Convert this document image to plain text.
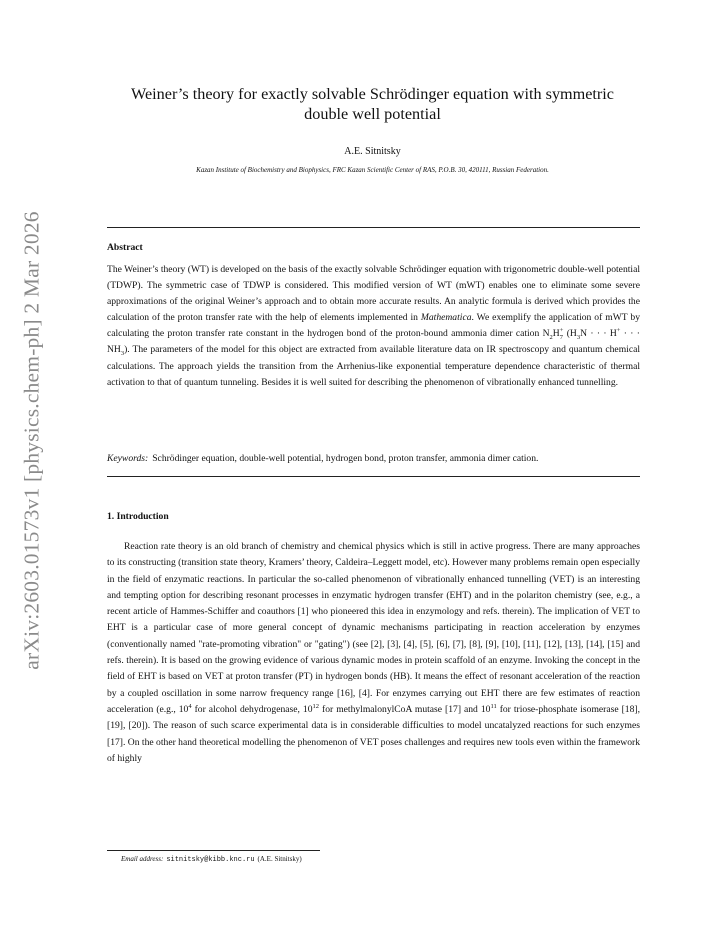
arXiv:2603.01573v1 [physics.chem-ph] 2 Mar 2026
Weiner’s theory for exactly solvable Schrödinger equation with symmetric
double well potential
A.E. Sitnitsky
Kazan Institute of Biochemistry and Biophysics, FRC Kazan Scientific Center of RAS, P.O.B. 30, 420111, Russian Federation.
Abstract
The Weiner’s theory (WT) is developed on the basis of the exactly solvable Schrödinger equation with trigonometric double-well potential (TDWP). The symmetric case of TDWP is considered. This modified version of WT (mWT) enables one to eliminate some severe approximations of the original Weiner’s approach and to obtain more accurate results. An analytic formula is derived which provides the calculation of the proton transfer rate with the help of elements implemented in Mathematica. We exemplify the application of mWT by calculating the proton transfer rate constant in the hydrogen bond of the proton-bound ammonia dimer cation $N_2H$ +
7 ($H_3N$ · · · H+ · · · $NH_3$). The parameters of the model for this object are extracted from available literature data on IR spectroscopy and quantum chemical calculations. The approach yields the transition from the Arrhenius-like exponential temperature dependence characteristic of thermal activation to that of quantum tunneling. Besides it is well suited for describing the phenomenon of vibrationally enhanced tunnelling.
Keywords: Schrödinger equation, double-well potential, hydrogen bond, proton transfer, ammonia dimer cation.
1. Introduction
Reaction rate theory is an old branch of chemistry and chemical physics which is still in active progress. There are many approaches to its constructing (transition state theory, Kramers’ theory, Caldeira–Leggett model, etc). However many problems remain open especially in the field of enzymatic reactions. In particular the so-called phenomenon of vibrationally enhanced tunnelling (VET) is an interesting and tempting option for describing resonant processes in enzymatic hydrogen transfer (EHT) and in the polariton chemistry (see, e.g., a recent article of Hammes-Schiffer and coauthors [1] who pioneered this idea in enzymology and refs. therein). The implication of VET to EHT is a particular case of more general concept of dynamic mechanisms participating in reaction acceleration by enzymes (conventionally named "rate-promoting vibration" or "gating") (see [2], [3], [4], [5], [6], [7], [8], [9], [10], [11], [12], [13], [14], [15] and refs. therein). It is based on the growing evidence of various dynamic modes in protein scaffold of an enzyme. Invoking the concept in the field of EHT is based on VET at proton transfer (PT) in hydrogen bonds (HB). It means the effect of resonant acceleration of the reaction by a coupled oscillation in some narrow frequency range [16], [4]. For enzymes carrying out EHT there are few estimates of reaction acceleration (e.g., $10^4$ for alcohol dehydrogenase, $10^{12}$ for methylmalonylCoA mutase [17] and $10^{11}$ for triose-phosphate isomerase [18], [19], [20]). The reason of such scarce experimental data is in considerable difficulties to model uncatalyzed reactions for such enzymes [17]. On the other hand theoretical modelling the phenomenon of VET poses challenges and requires new tools even within the framework of highly
Email address: sitnitsky@kibb.knc.ru (A.E. Sitnitsky)
